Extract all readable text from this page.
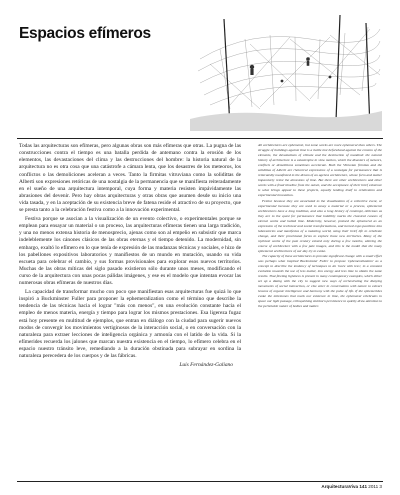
Espacios efímeros

Todas las arquitecturas son efímeras, pero algunas obras son más efímeras que otras. La pugna de las construcciones contra el tiempo es una batalla perdida de antemano contra la erosión de los elementos, las devastaciones del clima y las destrucciones del hombre: la historia natural de la arquitectura no es otra cosa que una catástrofe a cámara lenta, que los desastres de los meteoros, los conflictos o las demoliciones aceleran a veces. Tanto la firmitas vitruviana como la solidittas de Alberti son expresiones retóricas de una nostalgia de la permanencia que se manifiesta reiteradamente en el sueño de una arquitectura intemporal, cuya forma y materia resisten impávidamente las abrasiones del devenir. Pero hay obras arquitecturas y otras obras que asumen desde su inicio una vida tasada, y en la aceptación de su existencia breve de fatena reside el atractivo de su proyecto, que se presta tanto a la celebración festiva como a la innovación experimental.

Festiva porque se asocian a la visualización de un evento colectivo, o experimentales porque se emplean para ensayar un material o un proceso, las arquitecturas efímeras tienen una larga tradición, y una no menos extensa historia de menosprecio, ajenas como son al empeño en subsistir que marca indeleblemente los cánones clásicos de las obras eternas y el tiempo detenido. La modernidad, sin embargo, exaltó lo efímero en lo que tenía de expresión de las mudanzas técnicas y sociales, e hizo de los pabellones expositivos laboratorios y manifiestos de un mundo en mutación, usando su vida escueta para celebrar el cambio, y sus formas provisionales para explorar esos nuevos territorios. Muchas de las obras míticas del siglo pasado existieron sólo durante unos meses, modificando el curso de la arquitectura con unas pocas pálidas imágenes, y ese es el modelo que intentan evocar las numerosas obras efímeras de nuestros días.

La capacidad de transformar mucho con poco que manifiestan esas arquitecturas fue quizá lo que inspiró a Buckminster Fuller para proponer la ephemeralization como el término que describe la tendencia de las técnicas hacia el lograr "más con menos", en una evolución constante hacia el empleo de menos materia, energía y tiempo para lograr los mismos prestaciones. Esa ligereza fugaz está hoy presente en multitud de ejemplos, que entran en diálogo con la ciudad para sugerir nuevos modos de convergir los movimientos vertiginosos de la interacción social, o en conversación con la naturaleza para extraer lecciones de inteligencia orgánica y armonía con el latido de la vida. Si la efímerides recuerda los jalones que marcan nuestra existencia en el tiempo, lo efímero celebra en el espacio nuestro tránsito leve, remediando a la duración obstinada para subrayar en sordina la naturaleza perecedera de los cuerpos y de las fábricas.

Luis Fernández-Galiano

All architectures are ephemeral, but some works are more ephemeral than others. The struggle of buildings against time is a battle lost beforehand against the erosion of the elements, the devastations of climate and the destruction of mankind: the natural history of architecture is a catastrophe in slow motion, which the disasters of meteors, conflicts or demolitions sometimes accelerate. Both the Vitruvian firmitas and the solidittas of Alberti are rhetorical expressions of a nostalgia for permanence that is reiteratedly manifested in the dream of an ageless architecture, whose form and matter impassively resist the abrasions of time. But there are other architectures and other works with a fixed timeline from the outset, and the acceptance of their brief existence is what brings appeal to these projects, equally lending itself to celebration and experimental innovation.

Festive because they are associated to the visualization of a collective event, or experimental because they are used to assay a material or a process, ephemeral architectures have a long tradition, and also a long history of contempt, oblivious as they are to the quest for permanence that indelibly marks the classical canons of eternal works and halted time. Modernity, however, praised the ephemeral as an expression of the technical and social transformations, and turned expo pavilions into laboratories and manifestos of a mutating world, using their brief life to celebrate change, and their provisional forms to explore those new territories. Many of the mythical works of the past century existed only during a few months, altering the course of architecture with a few pale images, and this is the model that the many ephemeral architectures of our day try to evoke.

The capacity of these architectures to provoke significant change with a small effort was perhaps what inspired Buckminster Fuller to propose 'ephemeralization' as a concept to describe the tendency of techniques to do 'more with less', in a constant evolution towards the use of less matter, less energy and less time to obtain the same results. That fleeting lightness is present in many contemporary examples, which either set up a dialog with the city to suggest new ways of orchestrating the dizzying movements of social interaction, or else enter in conversation with nature to extract lessons of organic intelligence and harmony with the pulse of life. If the ephemerides evoke the milestones that mark our existence in time, the ephemeral celebrates in space our light passage, relinquishing stubborn persistence to quietly draw attention to the perishable nature of bodies and matter.

ArquitecturaViva 141 2011 3
